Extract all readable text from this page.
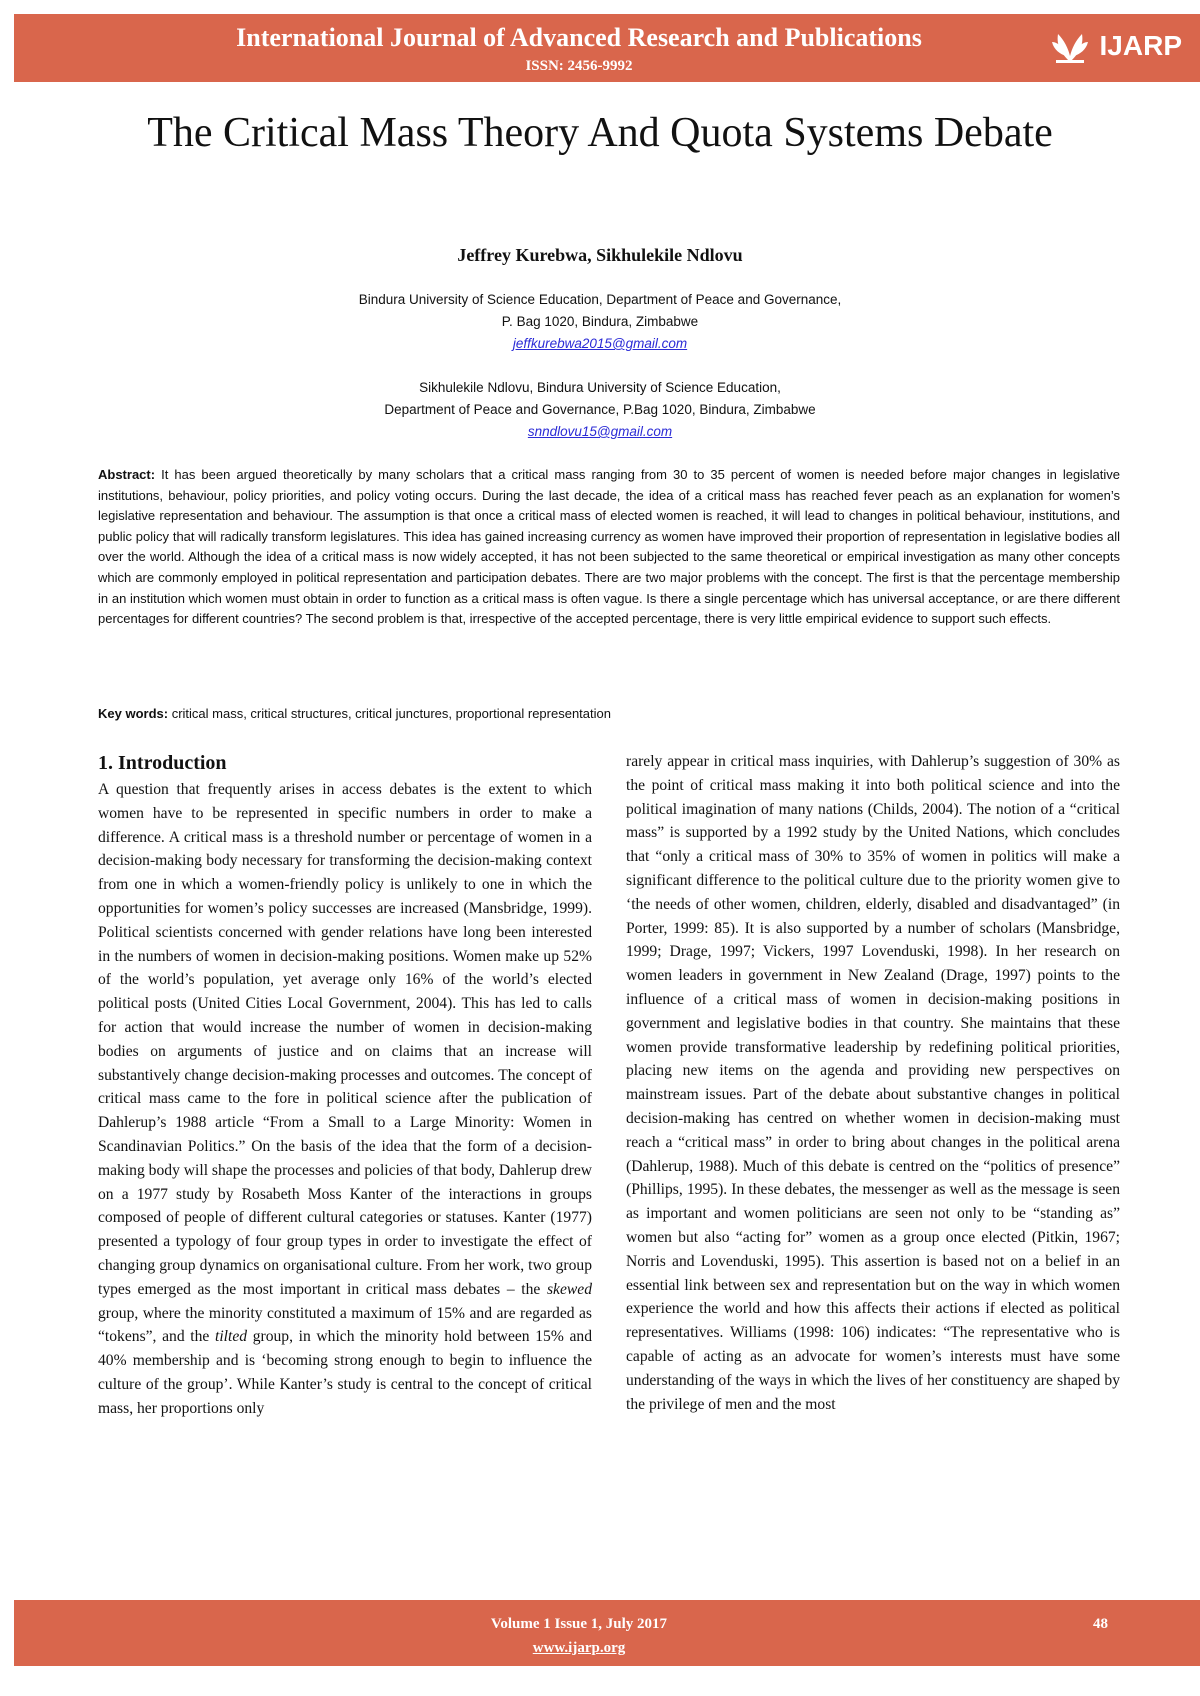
International Journal of Advanced Research and Publications
ISSN: 2456-9992
IJARP
The Critical Mass Theory And Quota Systems Debate
Jeffrey Kurebwa, Sikhulekile Ndlovu
Bindura University of Science Education, Department of Peace and Governance,
P. Bag 1020, Bindura, Zimbabwe
jeffkurebwa2015@gmail.com
Sikhulekile Ndlovu, Bindura University of Science Education,
Department of Peace and Governance, P.Bag 1020, Bindura, Zimbabwe
snndlovu15@gmail.com

Abstract: It has been argued theoretically by many scholars that a critical mass ranging from 30 to 35 percent of women is needed before major changes in legislative institutions, behaviour, policy priorities, and policy voting occurs. During the last decade, the idea of a critical mass has reached fever peach as an explanation for women’s legislative representation and behaviour. The assumption is that once a critical mass of elected women is reached, it will lead to changes in political behaviour, institutions, and public policy that will radically transform legislatures. This idea has gained increasing currency as women have improved their proportion of representation in legislative bodies all over the world. Although the idea of a critical mass is now widely accepted, it has not been subjected to the same theoretical or empirical investigation as many other concepts which are commonly employed in political representation and participation debates. There are two major problems with the concept. The first is that the percentage membership in an institution which women must obtain in order to function as a critical mass is often vague. Is there a single percentage which has universal acceptance, or are there different percentages for different countries? The second problem is that, irrespective of the accepted percentage, there is very little empirical evidence to support such effects.

Key words: critical mass, critical structures, critical junctures, proportional representation

1. Introduction

A question that frequently arises in access debates is the extent to which women have to be represented in specific numbers in order to make a difference. A critical mass is a threshold number or percentage of women in a decision-making body necessary for transforming the decision-making context from one in which a women-friendly policy is unlikely to one in which the opportunities for women’s policy successes are increased (Mansbridge, 1999). Political scientists concerned with gender relations have long been interested in the numbers of women in decision-making positions. Women make up 52% of the world’s population, yet average only 16% of the world’s elected political posts (United Cities Local Government, 2004). This has led to calls for action that would increase the number of women in decision-making bodies on arguments of justice and on claims that an increase will substantively change decision-making processes and outcomes. The concept of critical mass came to the fore in political science after the publication of Dahlerup’s 1988 article “From a Small to a Large Minority: Women in Scandinavian Politics.” On the basis of the idea that the form of a decision-making body will shape the processes and policies of that body, Dahlerup drew on a 1977 study by Rosabeth Moss Kanter of the interactions in groups composed of people of different cultural categories or statuses. Kanter (1977) presented a typology of four group types in order to investigate the effect of changing group dynamics on organisational culture. From her work, two group types emerged as the most important in critical mass debates – the skewed group, where the minority constituted a maximum of 15% and are regarded as “tokens”, and the tilted group, in which the minority hold between 15% and 40% membership and is ‘becoming strong enough to begin to influence the culture of the group’. While Kanter’s study is central to the concept of critical mass, her proportions only

rarely appear in critical mass inquiries, with Dahlerup’s suggestion of 30% as the point of critical mass making it into both political science and into the political imagination of many nations (Childs, 2004). The notion of a “critical mass” is supported by a 1992 study by the United Nations, which concludes that “only a critical mass of 30% to 35% of women in politics will make a significant difference to the political culture due to the priority women give to ‘the needs of other women, children, elderly, disabled and disadvantaged” (in Porter, 1999: 85). It is also supported by a number of scholars (Mansbridge, 1999; Drage, 1997; Vickers, 1997 Lovenduski, 1998). In her research on women leaders in government in New Zealand (Drage, 1997) points to the influence of a critical mass of women in decision-making positions in government and legislative bodies in that country. She maintains that these women provide transformative leadership by redefining political priorities, placing new items on the agenda and providing new perspectives on mainstream issues. Part of the debate about substantive changes in political decision-making has centred on whether women in decision-making must reach a “critical mass” in order to bring about changes in the political arena (Dahlerup, 1988). Much of this debate is centred on the “politics of presence” (Phillips, 1995). In these debates, the messenger as well as the message is seen as important and women politicians are seen not only to be “standing as” women but also “acting for” women as a group once elected (Pitkin, 1967; Norris and Lovenduski, 1995). This assertion is based not on a belief in an essential link between sex and representation but on the way in which women experience the world and how this affects their actions if elected as political representatives. Williams (1998: 106) indicates: “The representative who is capable of acting as an advocate for women’s interests must have some understanding of the ways in which the lives of her constituency are shaped by the privilege of men and the most

Volume 1 Issue 1, July 2017
www.ijarp.org
48
